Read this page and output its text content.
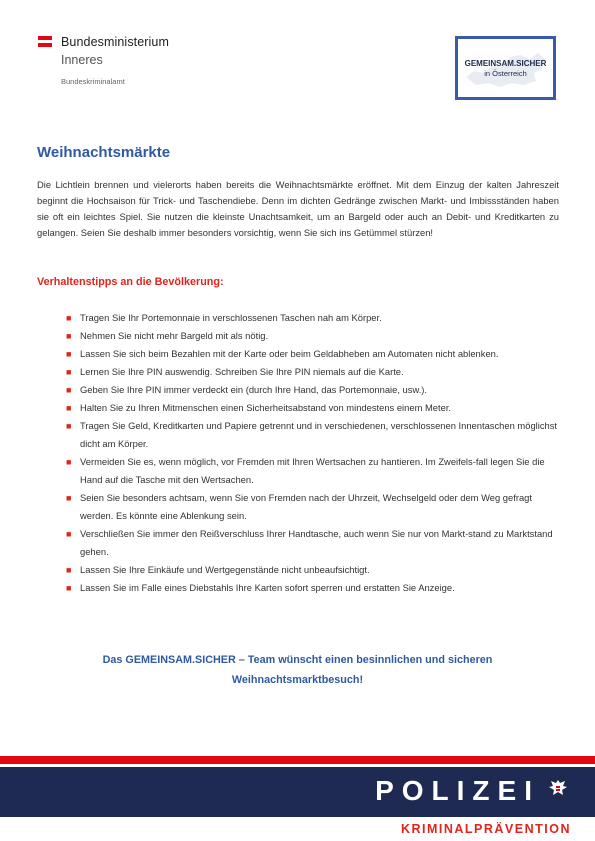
Bundesministerium
Inneres
Bundeskriminalamt
GEMEINSAM.SICHER
in Österreich
Weihnachtsmärkte

Die Lichtlein brennen und vielerorts haben bereits die Weihnachtsmärkte eröffnet. Mit dem Einzug der kalten Jahreszeit beginnt die Hochsaison für Trick- und Taschendiebe. Denn im dichten Gedränge zwischen Markt- und Imbissständen haben sie oft ein leichtes Spiel. Sie nutzen die kleinste Unachtsamkeit, um an Bargeld oder auch an Debit- und Kreditkarten zu gelangen. Seien Sie deshalb immer besonders vorsichtig, wenn Sie sich ins Getümmel stürzen!

Verhaltenstipps an die Bevölkerung:
■ Tragen Sie Ihr Portemonnaie in verschlossenen Taschen nah am Körper.
■ Nehmen Sie nicht mehr Bargeld mit als nötig.
■ Lassen Sie sich beim Bezahlen mit der Karte oder beim Geldabheben am Automaten nicht ablenken.
■ Lernen Sie Ihre PIN auswendig. Schreiben Sie Ihre PIN niemals auf die Karte.
■ Geben Sie Ihre PIN immer verdeckt ein (durch Ihre Hand, das Portemonnaie, usw.).
■ Halten Sie zu Ihren Mitmenschen einen Sicherheitsabstand von mindestens einem Meter.
■ Tragen Sie Geld, Kreditkarten und Papiere getrennt und in verschiedenen, verschlossenen Innentaschen möglichst dicht am Körper.
■ Vermeiden Sie es, wenn möglich, vor Fremden mit Ihren Wertsachen zu hantieren. Im Zweifels-fall legen Sie die Hand auf die Tasche mit den Wertsachen.
■ Seien Sie besonders achtsam, wenn Sie von Fremden nach der Uhrzeit, Wechselgeld oder dem Weg gefragt werden. Es könnte eine Ablenkung sein.
■ Verschließen Sie immer den Reißverschluss Ihrer Handtasche, auch wenn Sie nur von Markt-stand zu Marktstand gehen.
■ Lassen Sie Ihre Einkäufe und Wertgegenstände nicht unbeaufsichtigt.
■ Lassen Sie im Falle eines Diebstahls Ihre Karten sofort sperren und erstatten Sie Anzeige.

Das GEMEINSAM.SICHER – Team wünscht einen besinnlichen und sicheren
Weihnachtsmarktbesuch!

POLIZEI
KRIMINALPRÄVENTION
